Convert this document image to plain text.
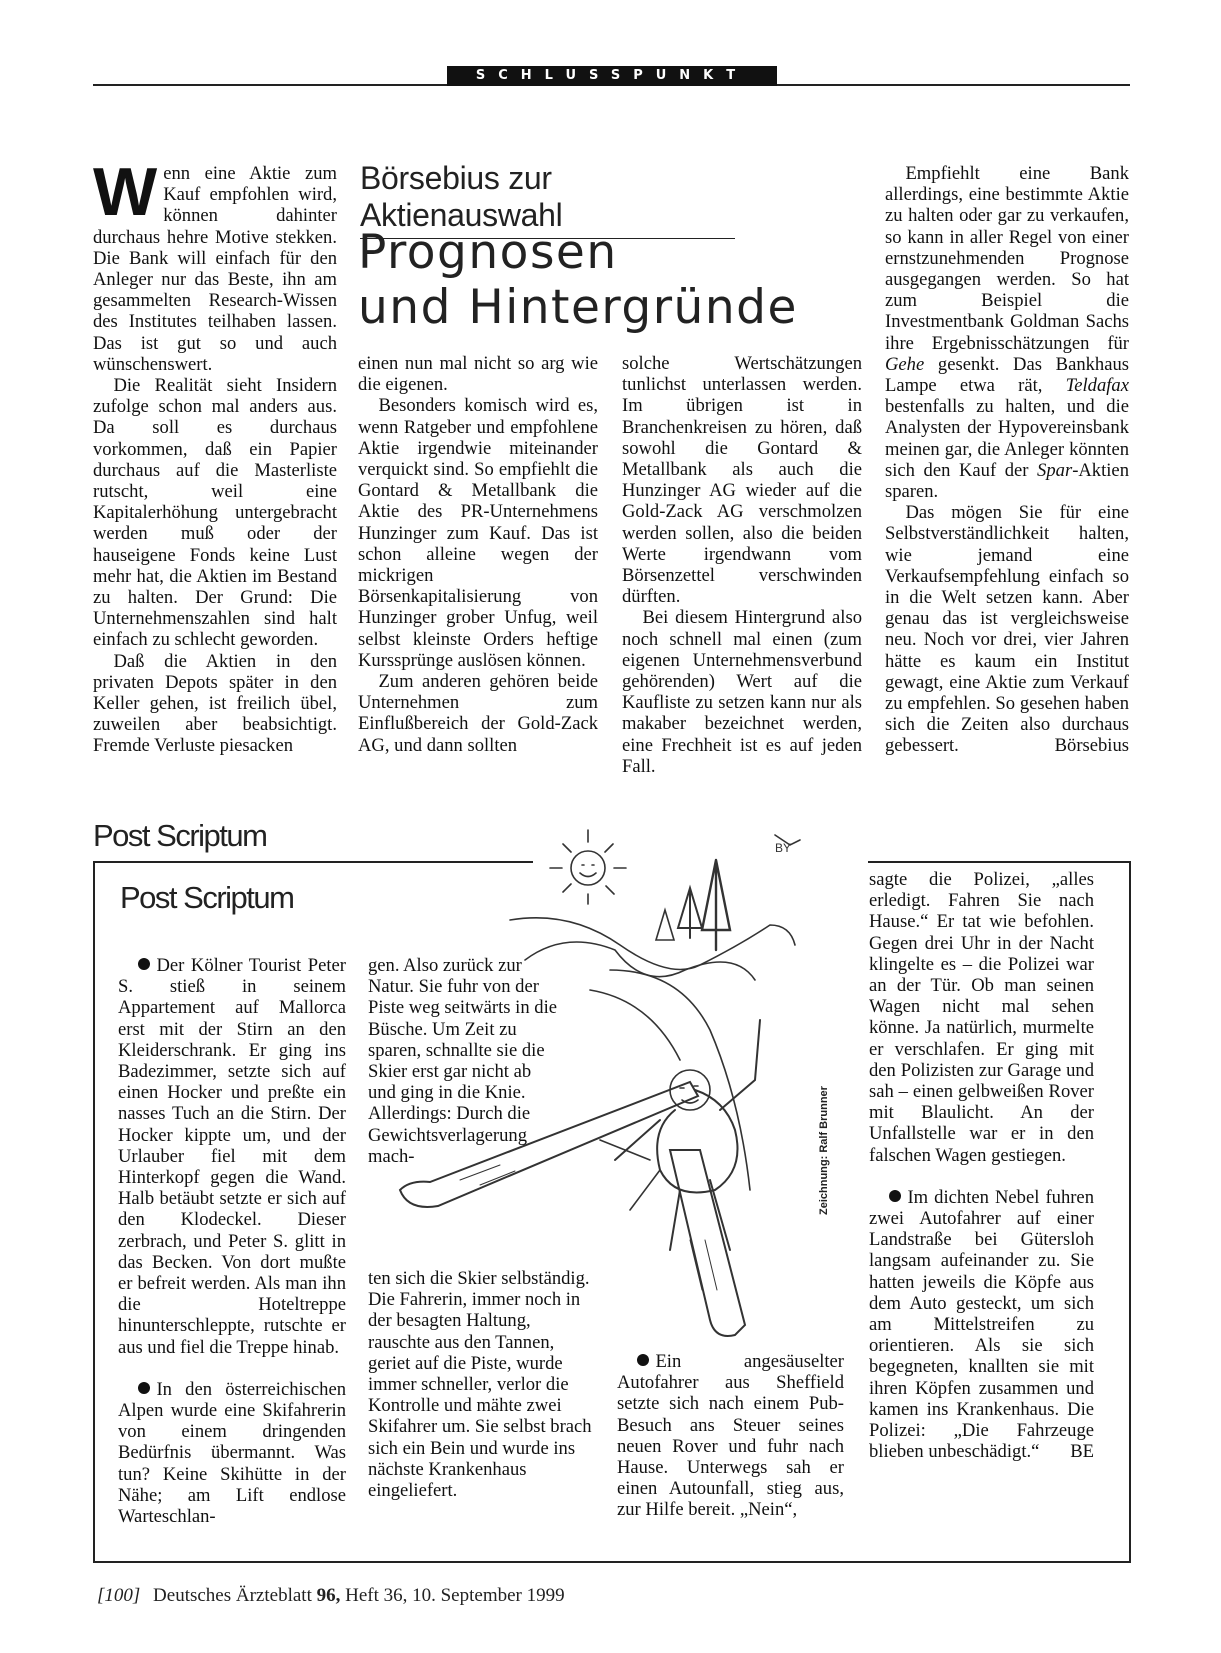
SCHLUSSPUNKT

Wenn eine Aktie zum Kauf empfohlen wird, können dahinter durchaus hehre Motive stekken. Die Bank will einfach für den Anleger nur das Beste, ihn am gesammelten Research-Wissen des Institutes teilhaben lassen. Das ist gut so und auch wünschenswert.

Die Realität sieht Insidern zufolge schon mal anders aus. Da soll es durchaus vorkommen, daß ein Papier durchaus auf die Masterliste rutscht, weil eine Kapitalerhöhung untergebracht werden muß oder der hauseigene Fonds keine Lust mehr hat, die Aktien im Bestand zu halten. Der Grund: Die Unternehmenszahlen sind halt einfach zu schlecht geworden.

Daß die Aktien in den privaten Depots später in den Keller gehen, ist freilich übel, zuweilen aber beabsichtigt. Fremde Verluste piesacken

Börsebius zur Aktienauswahl
Prognosen
und Hintergründe

einen nun mal nicht so arg wie die eigenen.

Besonders komisch wird es, wenn Ratgeber und empfohlene Aktie irgendwie miteinander verquickt sind. So empfiehlt die Gontard & Metallbank die Aktie des PR-Unternehmens Hunzinger zum Kauf. Das ist schon alleine wegen der mickrigen Börsenkapitalisierung von Hunzinger grober Unfug, weil selbst kleinste Orders heftige Kurssprünge auslösen können.

Zum anderen gehören beide Unternehmen zum Einflußbereich der Gold-Zack AG, und dann sollten

solche Wertschätzungen tunlichst unterlassen werden. Im übrigen ist in Branchenkreisen zu hören, daß sowohl die Gontard & Metallbank als auch die Hunzinger AG wieder auf die Gold-Zack AG verschmolzen werden sollen, also die beiden Werte irgendwann vom Börsenzettel verschwinden dürften.

Bei diesem Hintergrund also noch schnell mal einen (zum eigenen Unternehmensverbund gehörenden) Wert auf die Kaufliste zu setzen kann nur als makaber bezeichnet werden, eine Frechheit ist es auf jeden Fall.

Empfiehlt eine Bank allerdings, eine bestimmte Aktie zu halten oder gar zu verkaufen, so kann in aller Regel von einer ernstzunehmenden Prognose ausgegangen werden. So hat zum Beispiel die Investmentbank Goldman Sachs ihre Ergebnisschätzungen für Gehe gesenkt. Das Bankhaus Lampe etwa rät, Teldafax bestenfalls zu halten, und die Analysten der Hypovereinsbank meinen gar, die Anleger könnten sich den Kauf der Spar-Aktien sparen.

Das mögen Sie für eine Selbstverständlichkeit halten, wie jemand eine Verkaufsempfehlung einfach so in die Welt setzen kann. Aber genau das ist vergleichsweise neu. Noch vor drei, vier Jahren hätte es kaum ein Institut gewagt, eine Aktie zum Verkauf zu empfehlen. So gesehen haben sich die Zeiten also durchaus gebessert.	Börsebius

Post Scriptum
Post Scriptum
BY
Zeichnung: Ralf Brunner

Der Kölner Tourist Peter S. stieß in seinem Appartement auf Mallorca erst mit der Stirn an den Kleiderschrank. Er ging ins Badezimmer, setzte sich auf einen Hocker und preßte ein nasses Tuch an die Stirn. Der Hocker kippte um, und der Urlauber fiel mit dem Hinterkopf gegen die Wand. Halb betäubt setzte er sich auf den Klodeckel. Dieser zerbrach, und Peter S. glitt in das Becken. Von dort mußte er befreit werden. Als man ihn die Hoteltreppe hinunterschleppte, rutschte er aus und fiel die Treppe hinab.

In den österreichischen Alpen wurde eine Skifahrerin von einem dringenden Bedürfnis übermannt. Was tun? Keine Skihütte in der Nähe; am Lift endlose Warteschlan-

gen. Also zurück zur Natur. Sie fuhr von der Piste weg seitwärts in die Büsche. Um Zeit zu sparen, schnallte sie die Skier erst gar nicht ab und ging in die Knie. Allerdings: Durch die Gewichtsverlagerung mach-

ten sich die Skier selbständig. Die Fahrerin, immer noch in der besagten Haltung, rauschte aus den Tannen, geriet auf die Piste, wurde immer schneller, verlor die Kontrolle und mähte zwei Skifahrer um. Sie selbst brach sich ein Bein und wurde ins nächste Krankenhaus eingeliefert.

Ein angesäuselter Autofahrer aus Sheffield setzte sich nach einem Pub-Besuch ans Steuer seines neuen Rover und fuhr nach Hause. Unterwegs sah er einen Autounfall, stieg aus, zur Hilfe bereit. „Nein“,

sagte die Polizei, „alles erledigt. Fahren Sie nach Hause.“ Er tat wie befohlen. Gegen drei Uhr in der Nacht klingelte es – die Polizei war an der Tür. Ob man seinen Wagen nicht mal sehen könne. Ja natürlich, murmelte er verschlafen. Er ging mit den Polizisten zur Garage und sah – einen gelbweißen Rover mit Blaulicht. An der Unfallstelle war er in den falschen Wagen gestiegen.

Im dichten Nebel fuhren zwei Autofahrer auf einer Landstraße bei Gütersloh langsam aufeinander zu. Sie hatten jeweils die Köpfe aus dem Auto gesteckt, um sich am Mittelstreifen zu orientieren. Als sie sich begegneten, knallten sie mit ihren Köpfen zusammen und kamen ins Krankenhaus. Die Polizei: „Die Fahrzeuge blieben unbeschädigt.“	BE

[100] Deutsches Ärzteblatt 96, Heft 36, 10. September 1999
